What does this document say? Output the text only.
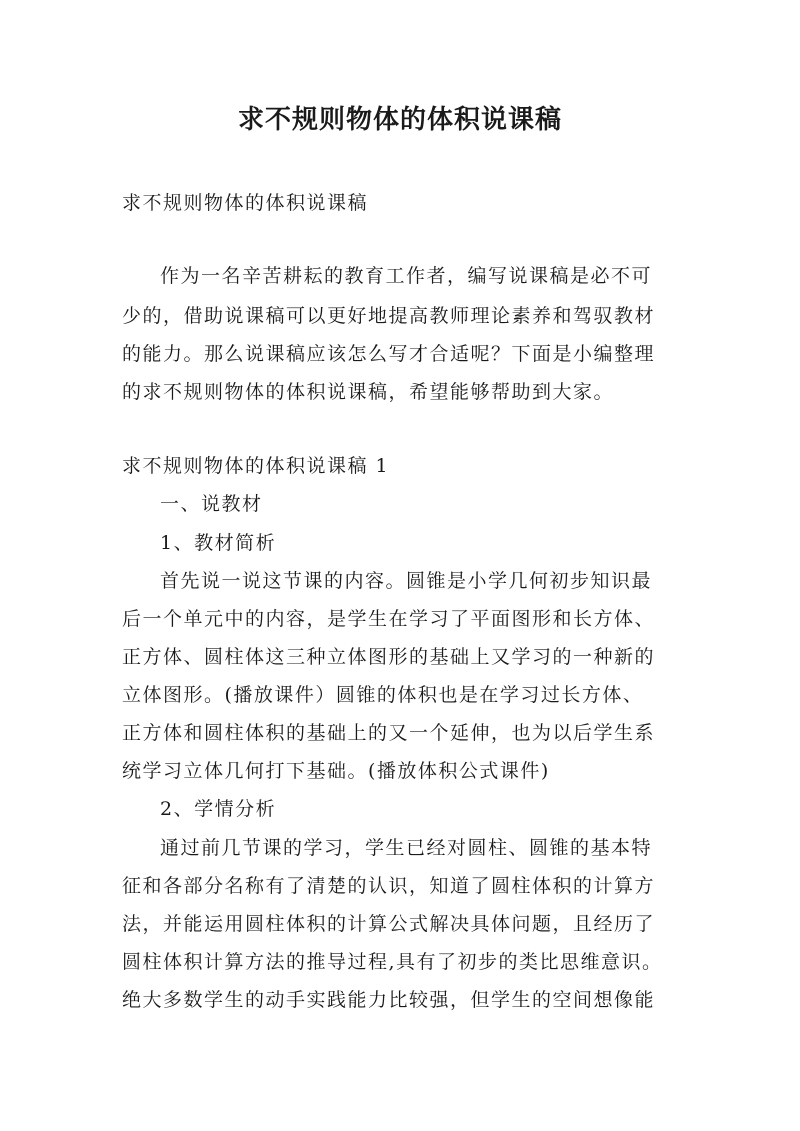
求不规则物体的体积说课稿
求不规则物体的体积说课稿
作为一名辛苦耕耘的教育工作者，编写说课稿是必不可
少的，借助说课稿可以更好地提高教师理论素养和驾驭教材
的能力。那么说课稿应该怎么写才合适呢？下面是小编整理
的求不规则物体的体积说课稿，希望能够帮助到大家。
求不规则物体的体积说课稿 1
一、说教材
1、教材简析
首先说一说这节课的内容。圆锥是小学几何初步知识最
后一个单元中的内容，是学生在学习了平面图形和长方体、
正方体、圆柱体这三种立体图形的基础上又学习的一种新的
立体图形。(播放课件）圆锥的体积也是在学习过长方体、
正方体和圆柱体积的基础上的又一个延伸，也为以后学生系
统学习立体几何打下基础。(播放体积公式课件)
2、学情分析
通过前几节课的学习，学生已经对圆柱、圆锥的基本特
征和各部分名称有了清楚的认识，知道了圆柱体积的计算方
法，并能运用圆柱体积的计算公式解决具体问题，且经历了
圆柱体积计算方法的推导过程,具有了初步的类比思维意识。
绝大多数学生的动手实践能力比较强，但学生的空间想像能
